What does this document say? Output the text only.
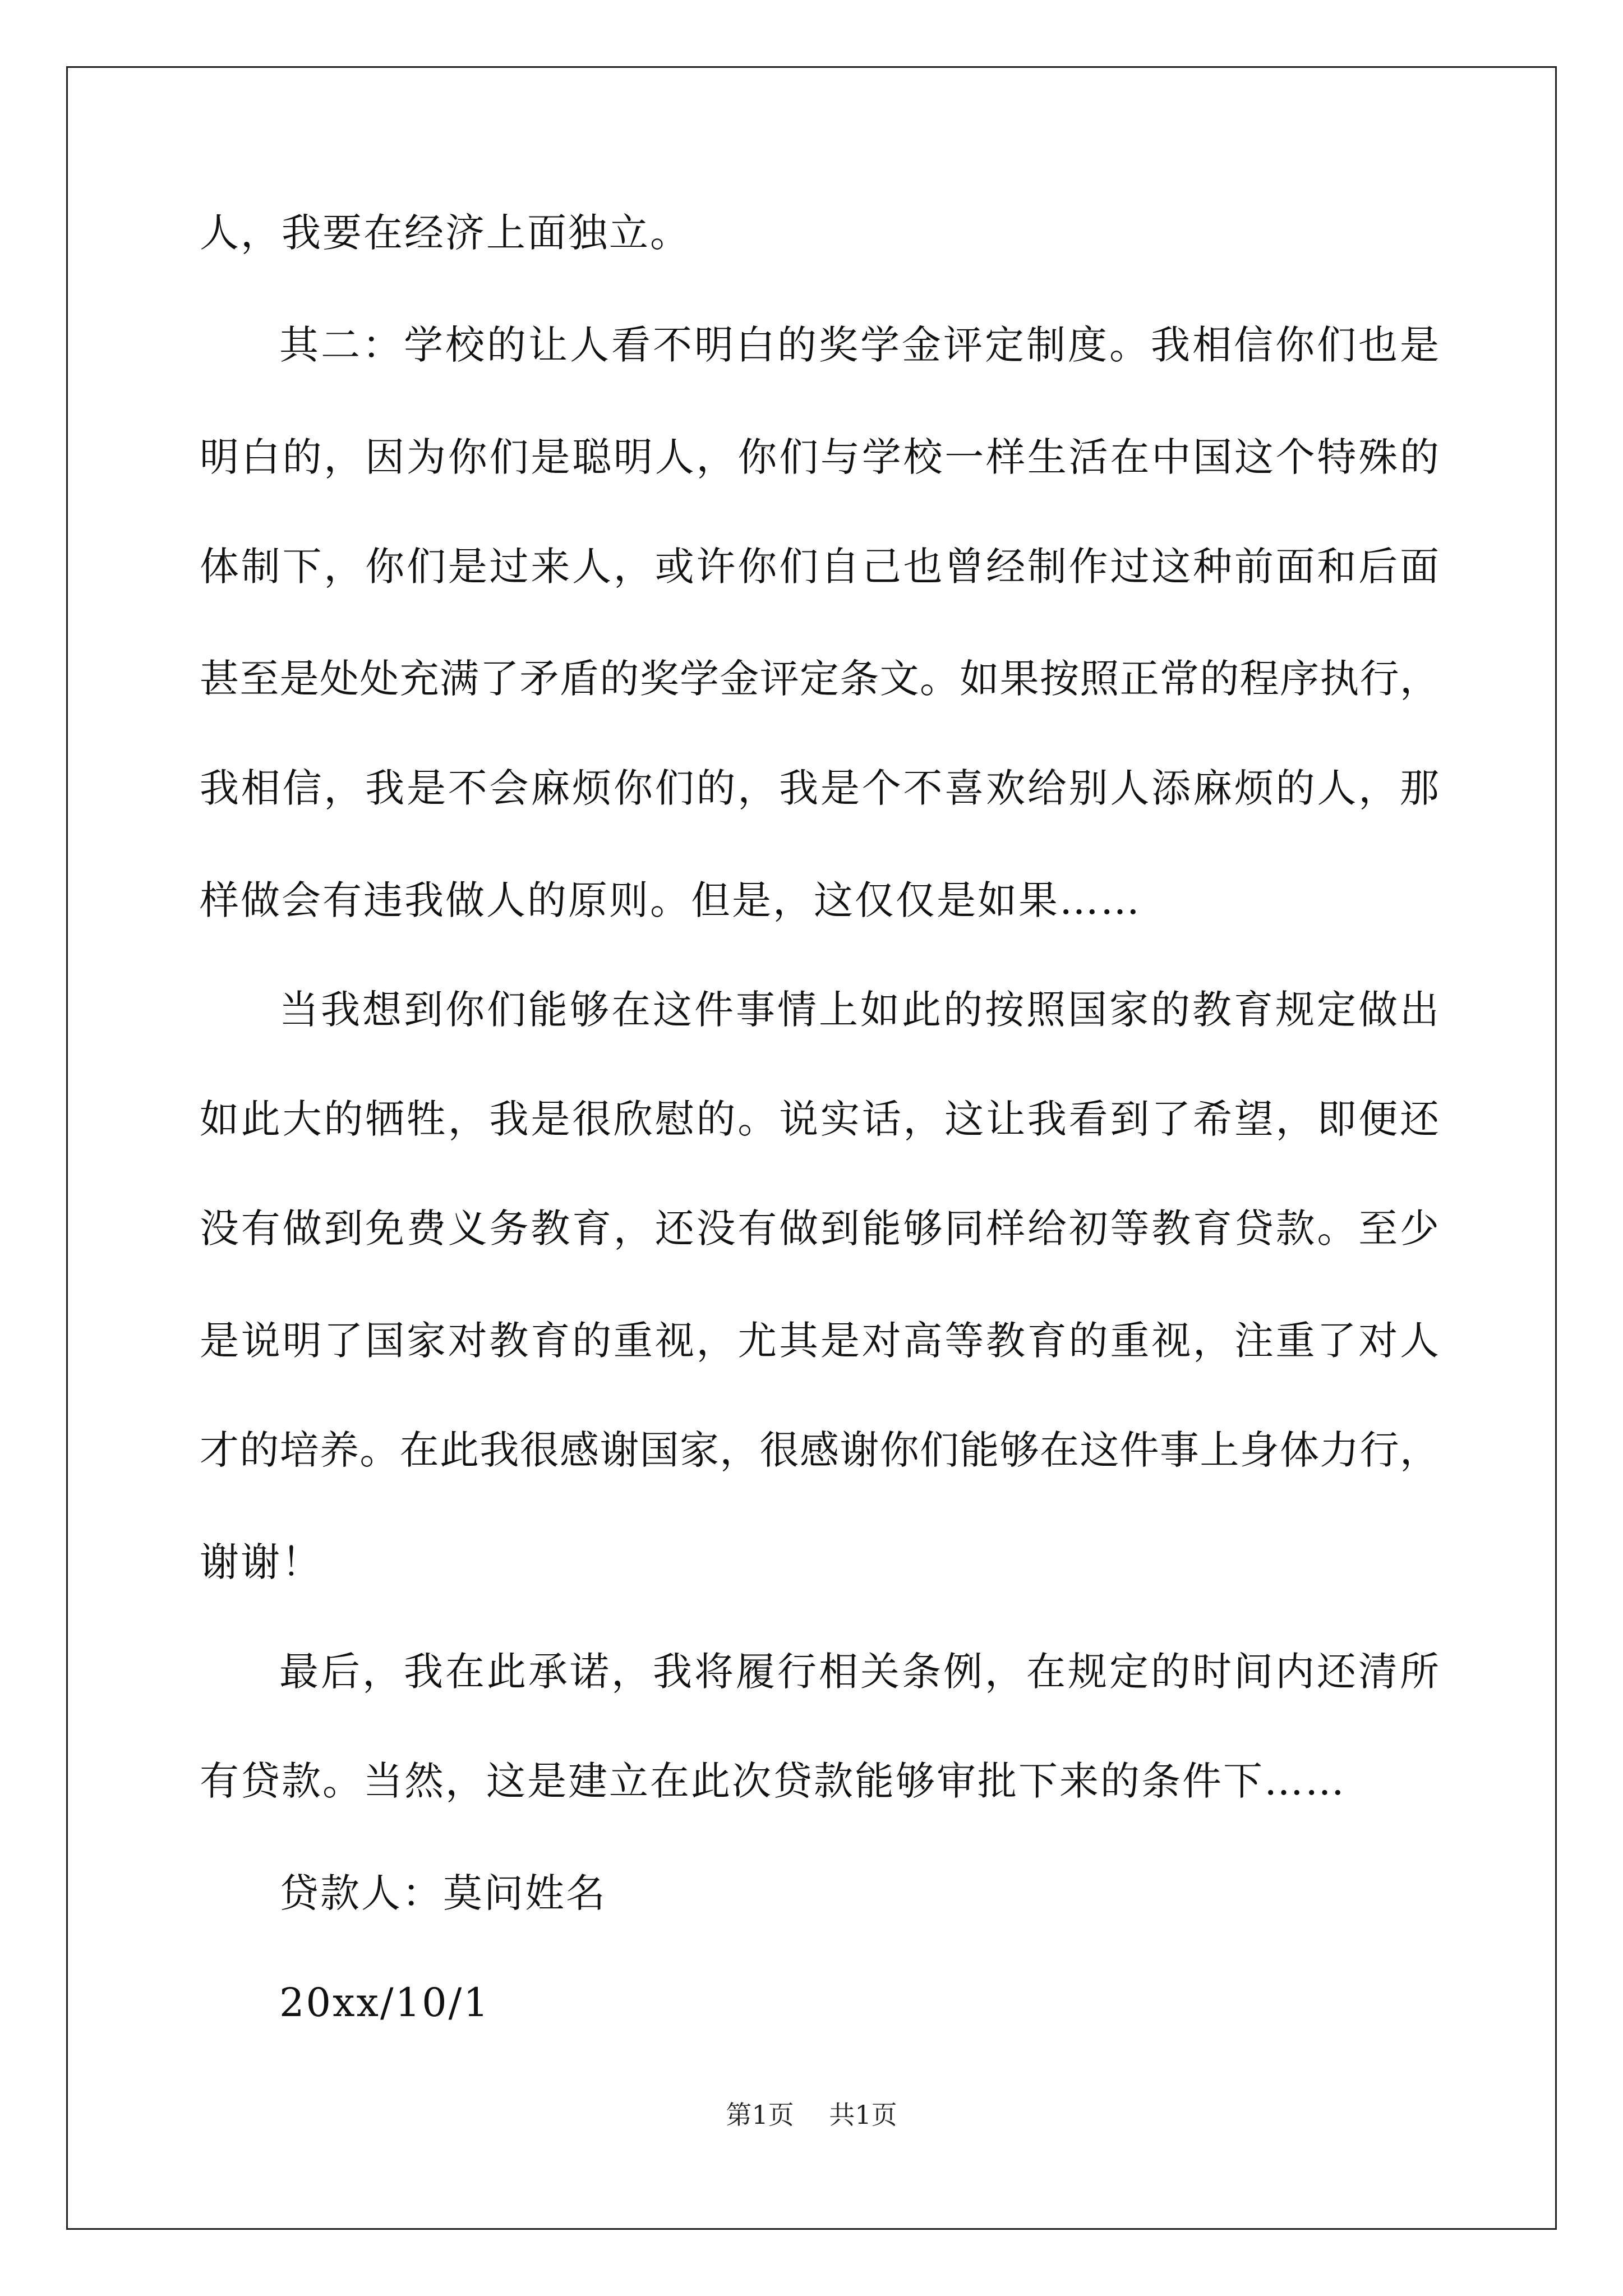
人，我要在经济上面独立。

其二：学校的让人看不明白的奖学金评定制度。我相信你们也是

明白的，因为你们是聪明人，你们与学校一样生活在中国这个特殊的

体制下，你们是过来人，或许你们自己也曾经制作过这种前面和后面

甚至是处处充满了矛盾的奖学金评定条文。如果按照正常的程序执行，

我相信，我是不会麻烦你们的，我是个不喜欢给别人添麻烦的人，那

样做会有违我做人的原则。但是，这仅仅是如果……

当我想到你们能够在这件事情上如此的按照国家的教育规定做出

如此大的牺牲，我是很欣慰的。说实话，这让我看到了希望，即便还

没有做到免费义务教育，还没有做到能够同样给初等教育贷款。至少

是说明了国家对教育的重视，尤其是对高等教育的重视，注重了对人

才的培养。在此我很感谢国家，很感谢你们能够在这件事上身体力行，

谢谢！

最后，我在此承诺，我将履行相关条例，在规定的时间内还清所

有贷款。当然，这是建立在此次贷款能够审批下来的条件下……

贷款人：莫问姓名

20xx/10/1

第1页 共1页
